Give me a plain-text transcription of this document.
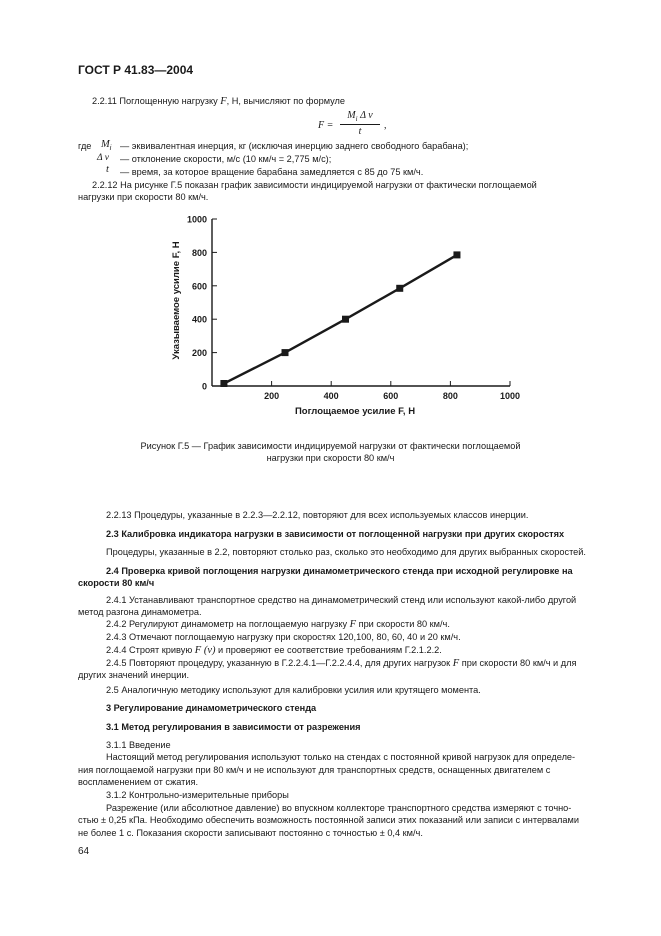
ГОСТ Р 41.83—2004
2.2.11 Поглощенную нагрузку F, Н, вычисляют по формуле
$F = \frac{M_i \Delta v}{t}$ ,
где $M_i$ — эквивалентная инерция, кг (исключая инерцию заднего свободного барабана);
Δ v — отклонение скорости, м/с (10 км/ч = 2,775 м/с);
t — время, за которое вращение барабана замедляется с 85 до 75 км/ч.
2.2.12 На рисунке Г.5 показан график зависимости индицируемой нагрузки от фактически поглощаемой
нагрузки при скорости 80 км/ч.
0
200
400
600
800
1000
200	400	600	800	1000
Поглощаемое усилие F, Н
Указываемое усилие F, Н
Рисунок Г.5 — График зависимости индицируемой нагрузки от фактически поглощаемой
нагрузки при скорости 80 км/ч
2.2.13 Процедуры, указанные в 2.2.3—2.2.12, повторяют для всех используемых классов инерции.
2.3 Калибровка индикатора нагрузки в зависимости от поглощенной нагрузки при других скоростях
Процедуры, указанные в 2.2, повторяют столько раз, сколько это необходимо для других выбранных скоростей.
2.4 Проверка кривой поглощения нагрузки динамометрического стенда при исходной регулировке на
скорости 80 км/ч
2.4.1 Устанавливают транспортное средство на динамометрический стенд или используют какой-либо другой
метод разгона динамометра.
2.4.2 Регулируют динамометр на поглощаемую нагрузку F при скорости 80 км/ч.
2.4.3 Отмечают поглощаемую нагрузку при скоростях 120,100, 80, 60, 40 и 20 км/ч.
2.4.4 Строят кривую F (v) и проверяют ее соответствие требованиям Г.2.1.2.2.
2.4.5 Повторяют процедуру, указанную в Г.2.2.4.1—Г.2.2.4.4, для других нагрузок F при скорости 80 км/ч и для
других значений инерции.
2.5 Аналогичную методику используют для калибровки усилия или крутящего момента.
3 Регулирование динамометрического стенда
3.1 Метод регулирования в зависимости от разрежения
3.1.1 Введение
Настоящий метод регулирования используют только на стендах с постоянной кривой нагрузок для определе-
ния поглощаемой нагрузки при 80 км/ч и не используют для транспортных средств, оснащенных двигателем с
воспламенением от сжатия.
3.1.2 Контрольно-измерительные приборы
Разрежение (или абсолютное давление) во впускном коллекторе транспортного средства измеряют с точно-
стью ± 0,25 кПа. Необходимо обеспечить возможность постоянной записи этих показаний или записи с интервалами
не более 1 с. Показания скорости записывают постоянно с точностью ± 0,4 км/ч.
64
